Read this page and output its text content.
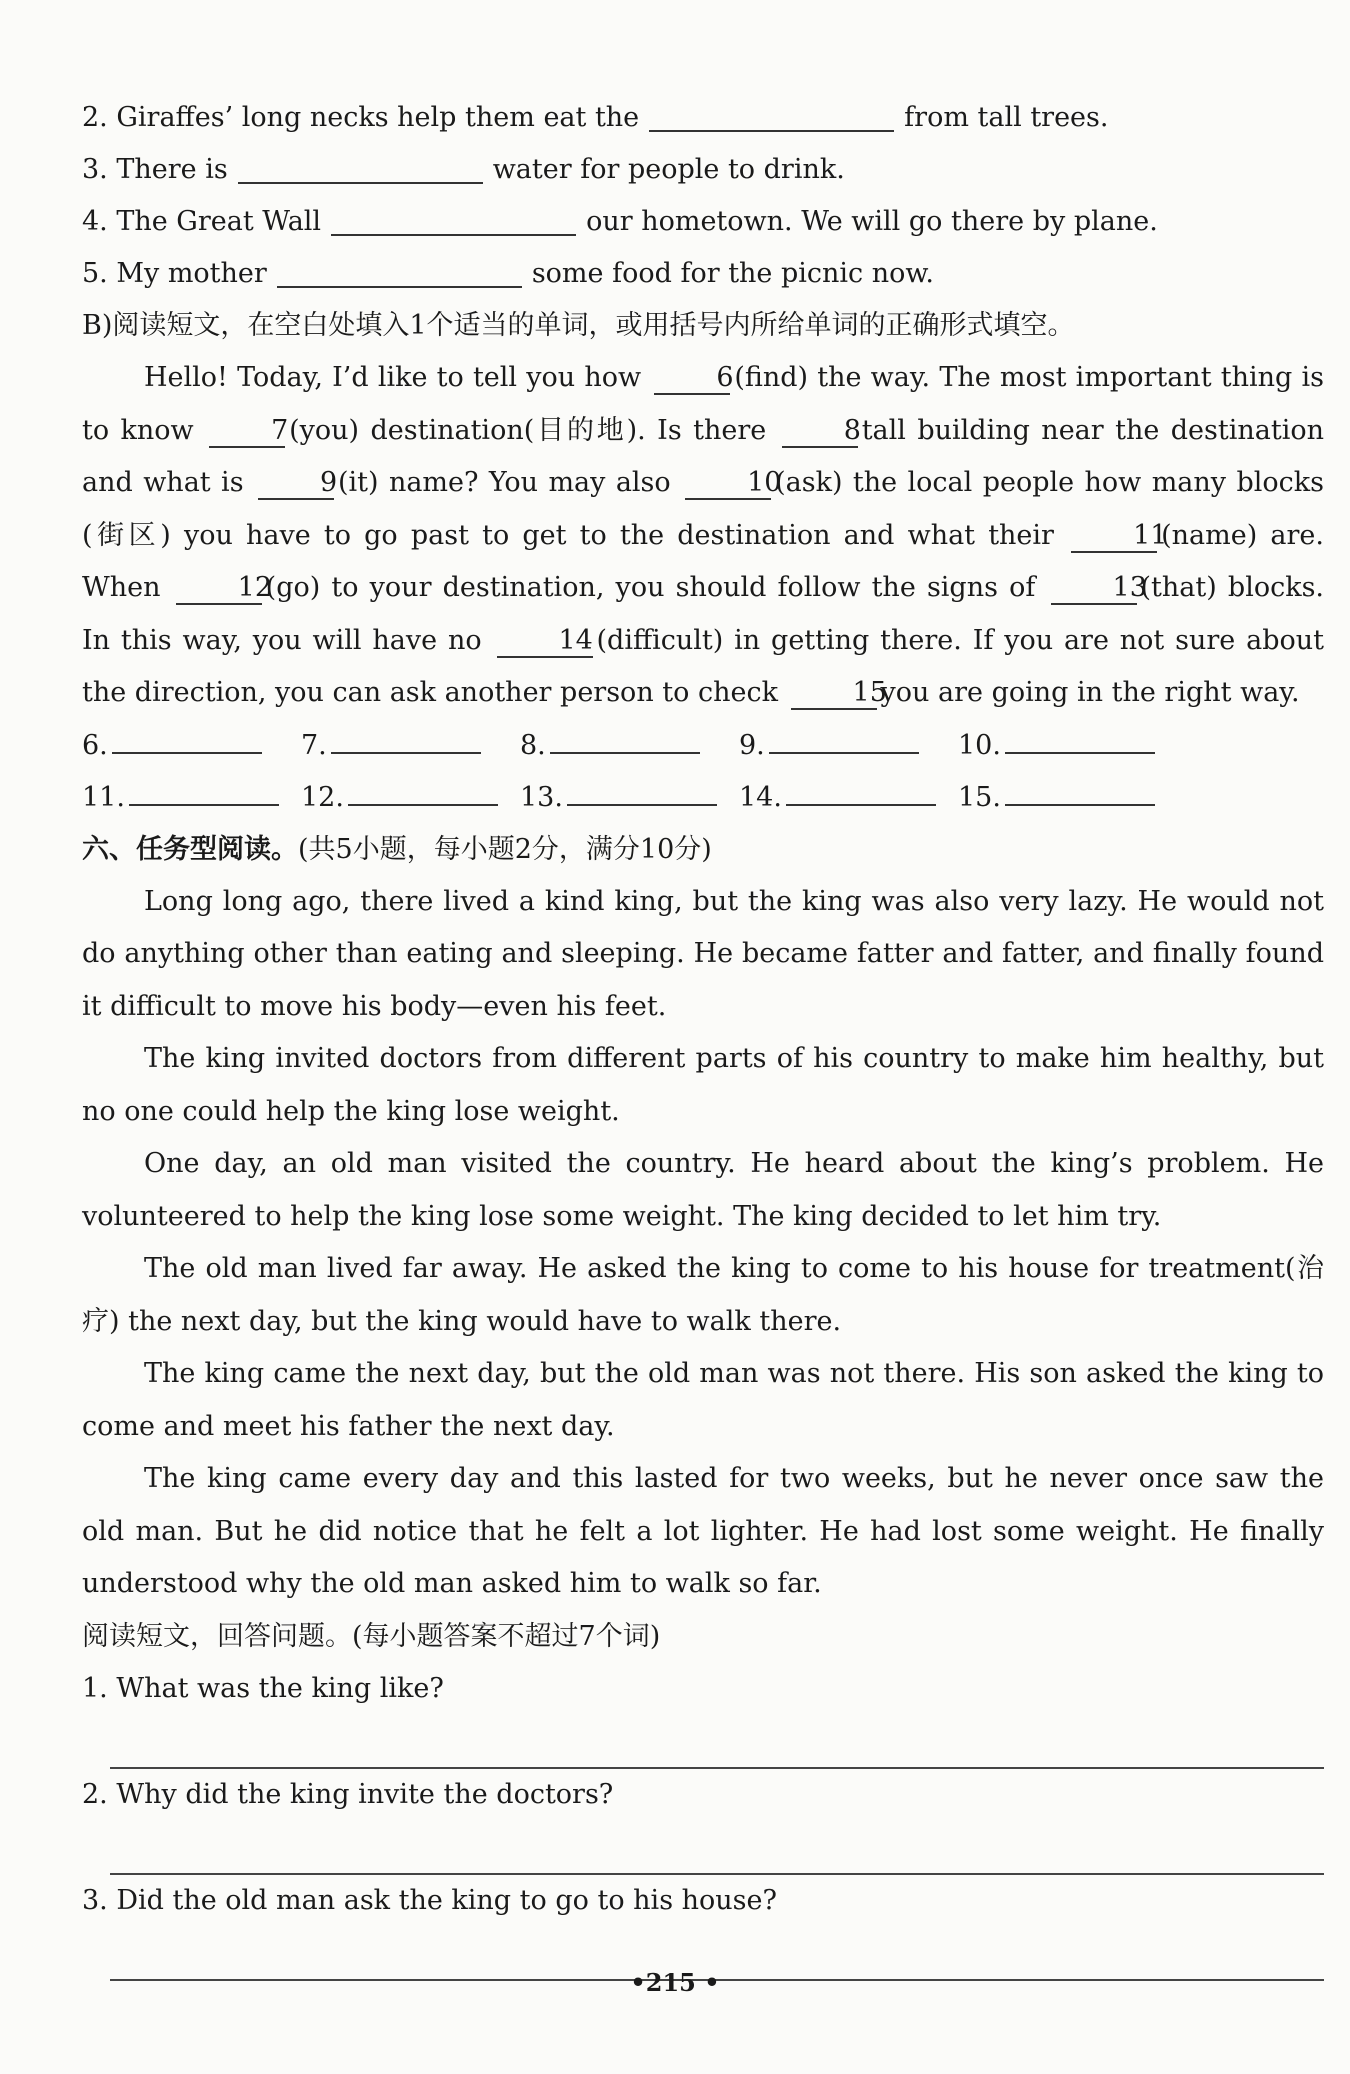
2. Giraffes’ long necks help them eat the	from tall trees.
3. There is	water for people to drink.
4. The Great Wall	our hometown. We will go there by plane.
5. My mother	some food for the picnic now.
B)阅读短文，在空白处填入1个适当的单词，或用括号内所给单词的正确形式填空。
Hello! Today, I’d like to tell you how	6(find) the way. The most important thing is to know	7(you) destination(目的地). Is there	8tall building near the destination and what is	9(it) name? You may also	10(ask) the local people how many blocks (街区) you have to go past to get to the destination and what their	11(name) are. When	12(go) to your destination, you should follow the signs of	13(that) blocks. In this way, you will have no	14 (difficult) in getting there. If you are not sure about the direction, you can ask another person to check	15you are going in the right way.
6.	7.	8.	9.	10.
11.	12.	13.	14.	15.
六、任务型阅读。(共5小题，每小题2分，满分10分)
Long long ago, there lived a kind king, but the king was also very lazy. He would not do anything other than eating and sleeping. He became fatter and fatter, and finally found it difficult to move his body—even his feet.
The king invited doctors from different parts of his country to make him healthy, but no one could help the king lose weight.
One day, an old man visited the country. He heard about the king’s problem. He volunteered to help the king lose some weight. The king decided to let him try.
The old man lived far away. He asked the king to come to his house for treatment(治疗) the next day, but the king would have to walk there.
The king came the next day, but the old man was not there. His son asked the king to come and meet his father the next day.
The king came every day and this lasted for two weeks, but he never once saw the old man. But he did notice that he felt a lot lighter. He had lost some weight. He finally understood why the old man asked him to walk so far.
阅读短文，回答问题。(每小题答案不超过7个词)
1. What was the king like?
2. Why did the king invite the doctors?
3. Did the old man ask the king to go to his house?
•215 •
